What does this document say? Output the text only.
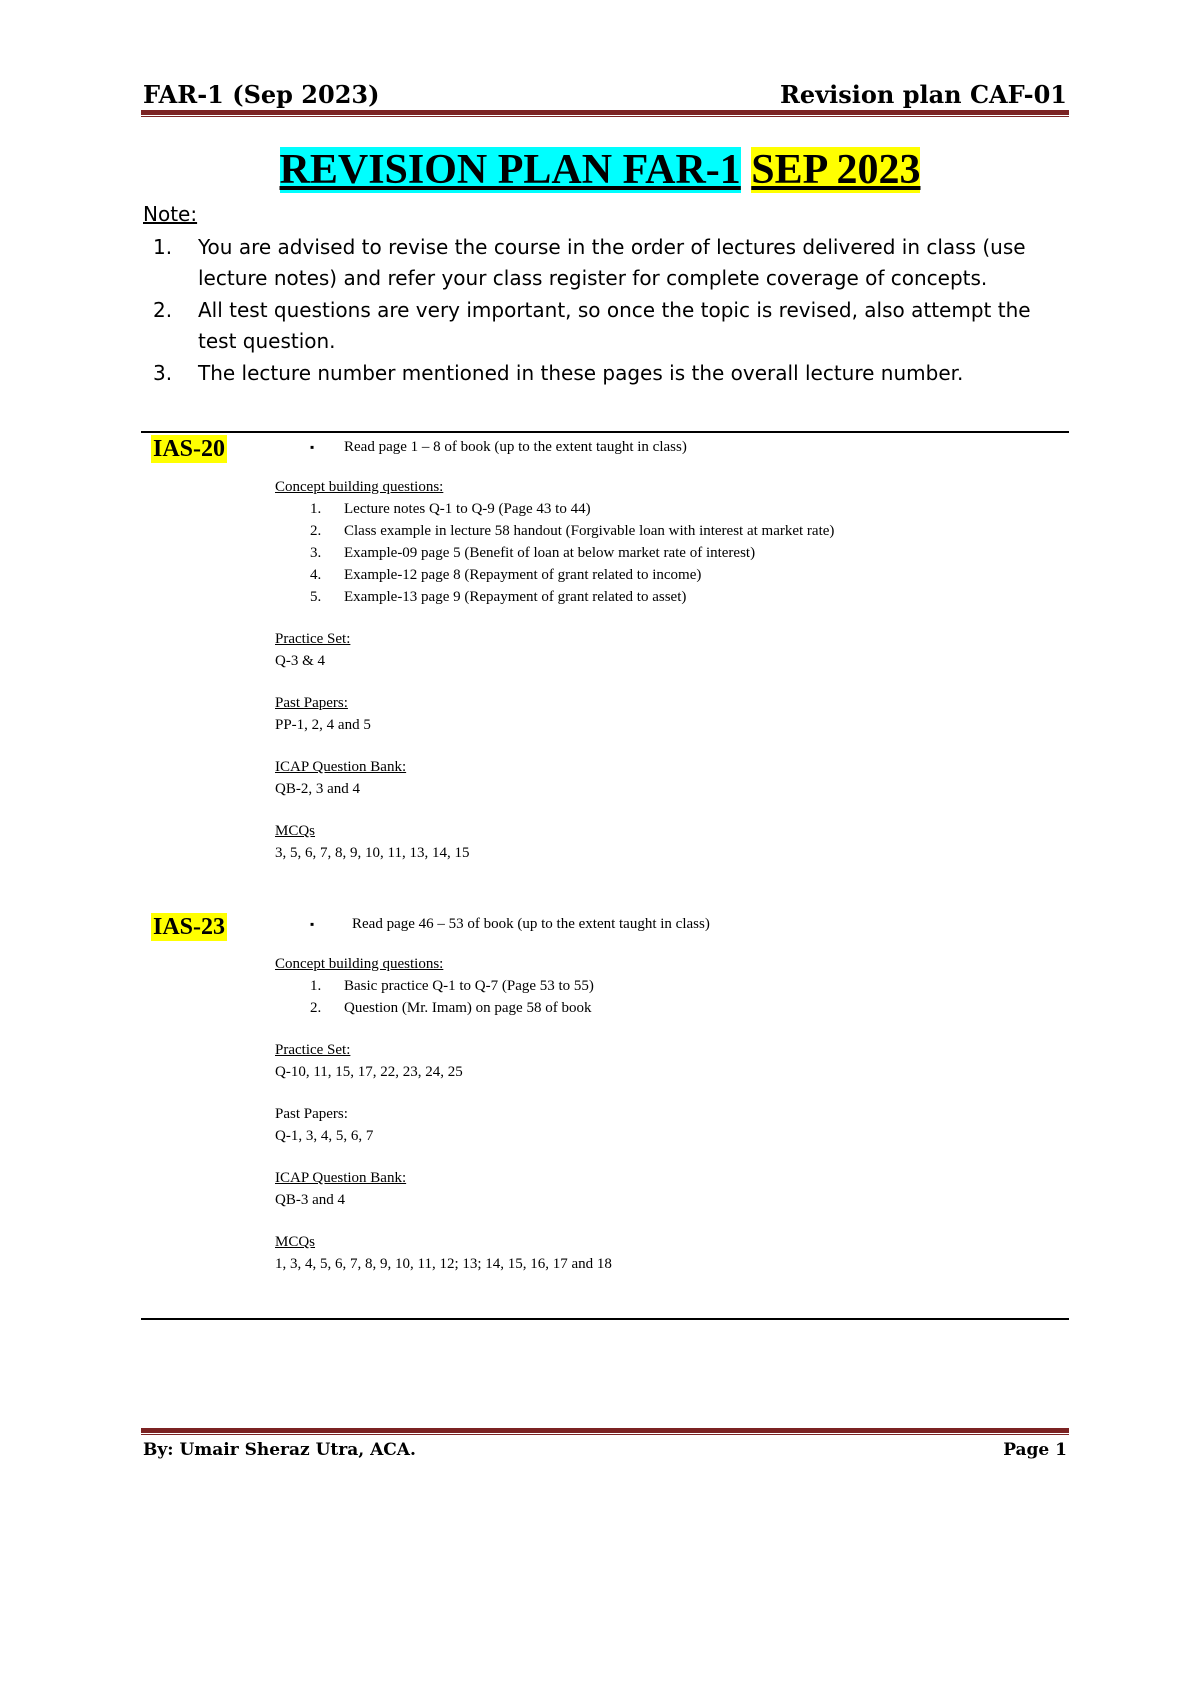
FAR-1 (Sep 2023)	Revision plan CAF-01
REVISION PLAN FAR-1 SEP 2023
Note:
1. You are advised to revise the course in the order of lectures delivered in class (use lecture notes) and refer your class register for complete coverage of concepts.
2. All test questions are very important, so once the topic is revised, also attempt the test question.
3. The lecture number mentioned in these pages is the overall lecture number.
IAS-20	▪ Read page 1 – 8 of book (up to the extent taught in class)
Concept building questions:
1. Lecture notes Q-1 to Q-9 (Page 43 to 44)
2. Class example in lecture 58 handout (Forgivable loan with interest at market rate)
3. Example-09 page 5 (Benefit of loan at below market rate of interest)
4. Example-12 page 8 (Repayment of grant related to income)
5. Example-13 page 9 (Repayment of grant related to asset)
Practice Set:
Q-3 & 4
Past Papers:
PP-1, 2, 4 and 5
ICAP Question Bank:
QB-2, 3 and 4
MCQs
3, 5, 6, 7, 8, 9, 10, 11, 13, 14, 15
IAS-23	▪ Read page 46 – 53 of book (up to the extent taught in class)
Concept building questions:
1. Basic practice Q-1 to Q-7 (Page 53 to 55)
2. Question (Mr. Imam) on page 58 of book
Practice Set:
Q-10, 11, 15, 17, 22, 23, 24, 25
Past Papers:
Q-1, 3, 4, 5, 6, 7
ICAP Question Bank:
QB-3 and 4
MCQs
1, 3, 4, 5, 6, 7, 8, 9, 10, 11, 12; 13; 14, 15, 16, 17 and 18
By: Umair Sheraz Utra, ACA.	Page 1
